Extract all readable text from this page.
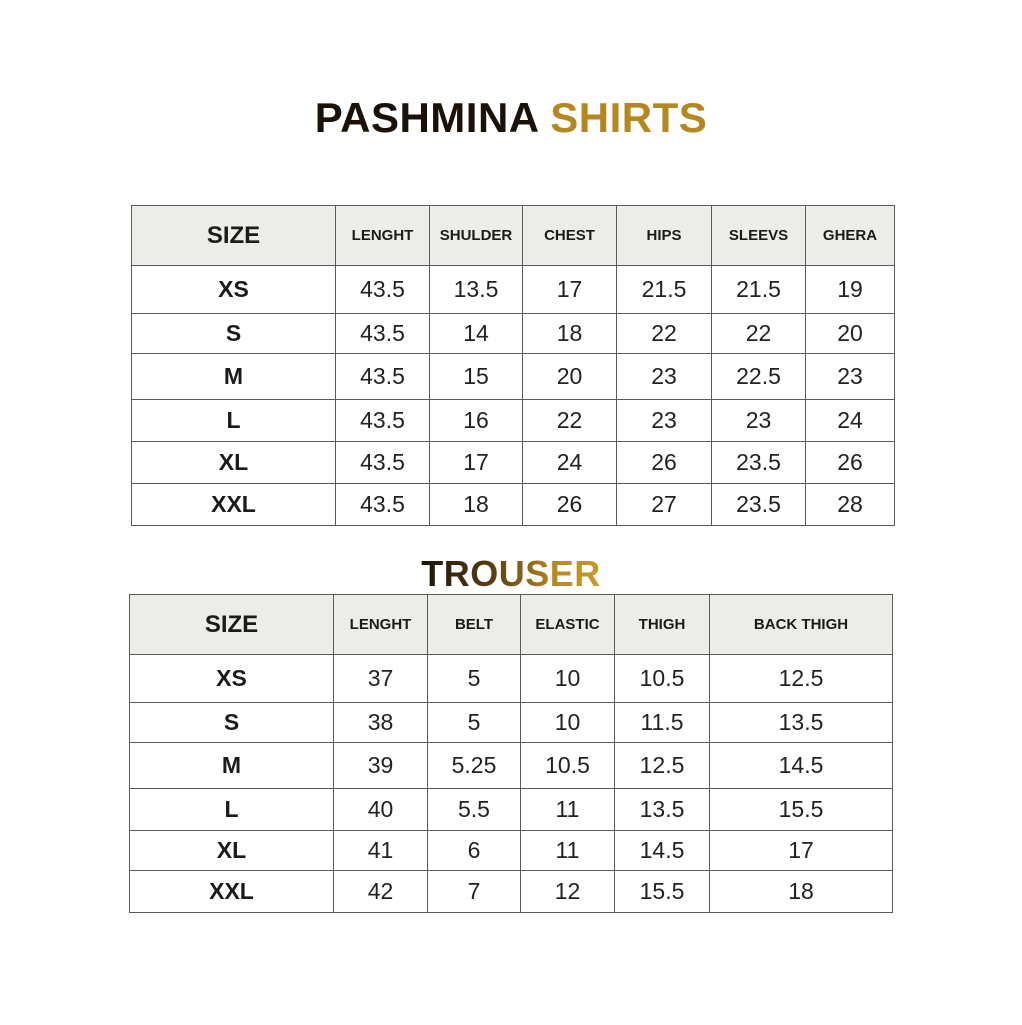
PASHMINA SHIRTS
SIZE	LENGHT	SHULDER	CHEST	HIPS	SLEEVS	GHERA
XS	43.5	13.5	17	21.5	21.5	19
S	43.5	14	18	22	22	20
M	43.5	15	20	23	22.5	23
L	43.5	16	22	23	23	24
XL	43.5	17	24	26	23.5	26
XXL	43.5	18	26	27	23.5	28
TROUSER
SIZE	LENGHT	BELT	ELASTIC	THIGH	BACK THIGH
XS	37	5	10	10.5	12.5
S	38	5	10	11.5	13.5
M	39	5.25	10.5	12.5	14.5
L	40	5.5	11	13.5	15.5
XL	41	6	11	14.5	17
XXL	42	7	12	15.5	18
